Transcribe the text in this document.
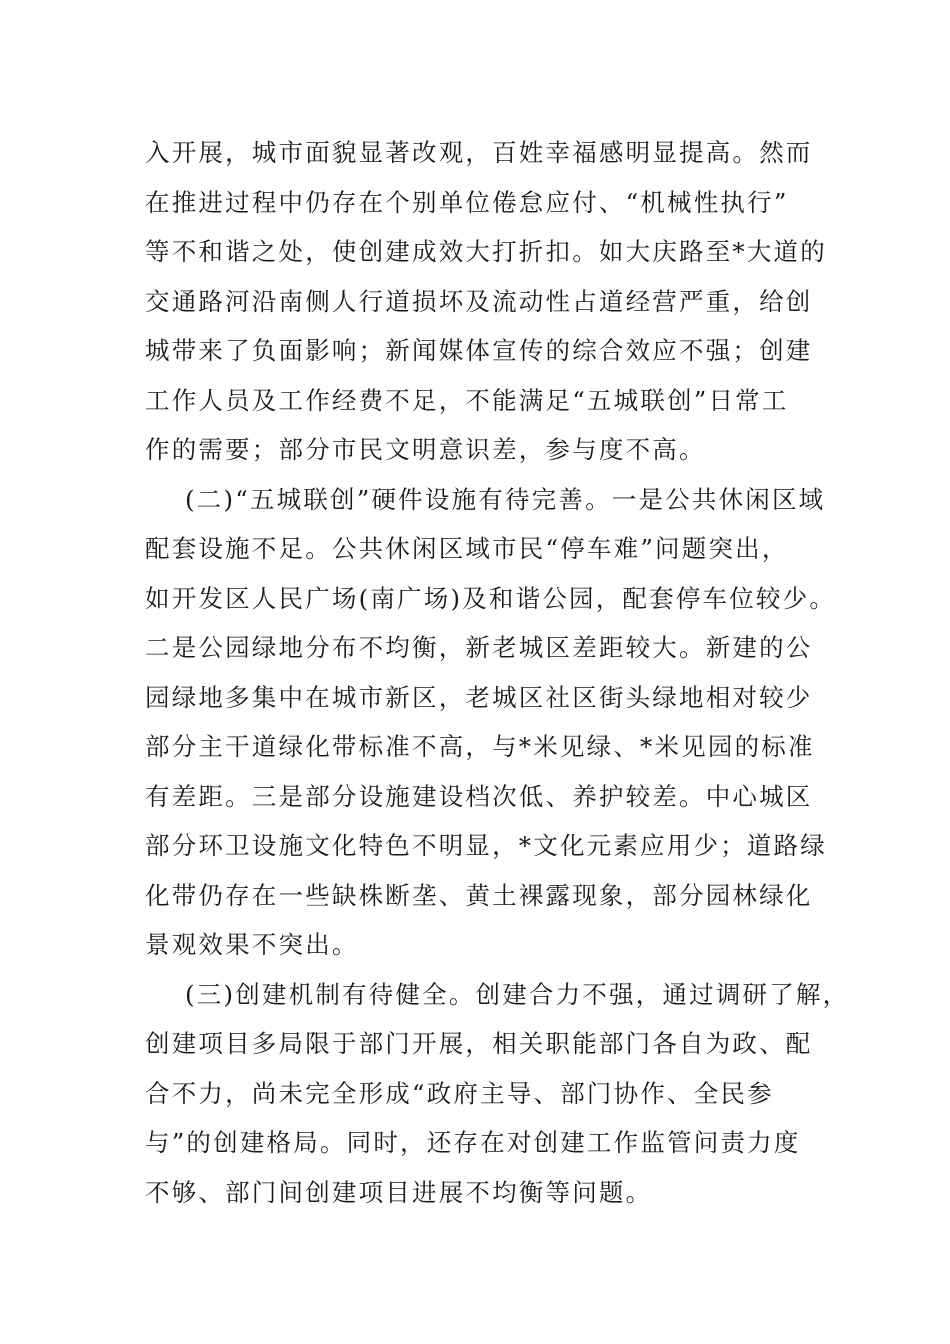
入开展，城市面貌显著改观，百姓幸福感明显提高。然而
在推进过程中仍存在个别单位倦怠应付、“机械性执行”
等不和谐之处，使创建成效大打折扣。如大庆路至*大道的
交通路河沿南侧人行道损坏及流动性占道经营严重，给创
城带来了负面影响；新闻媒体宣传的综合效应不强；创建
工作人员及工作经费不足，不能满足“五城联创”日常工
作的需要；部分市民文明意识差，参与度不高。
(二)“五城联创”硬件设施有待完善。一是公共休闲区域
配套设施不足。公共休闲区域市民“停车难”问题突出，
如开发区人民广场(南广场)及和谐公园，配套停车位较少。
二是公园绿地分布不均衡，新老城区差距较大。新建的公
园绿地多集中在城市新区，老城区社区街头绿地相对较少
部分主干道绿化带标准不高，与*米见绿、*米见园的标准
有差距。三是部分设施建设档次低、养护较差。中心城区
部分环卫设施文化特色不明显，*文化元素应用少；道路绿
化带仍存在一些缺株断垄、黄土裸露现象，部分园林绿化
景观效果不突出。
(三)创建机制有待健全。创建合力不强，通过调研了解，
创建项目多局限于部门开展，相关职能部门各自为政、配
合不力，尚未完全形成“政府主导、部门协作、全民参
与”的创建格局。同时，还存在对创建工作监管问责力度
不够、部门间创建项目进展不均衡等问题。
